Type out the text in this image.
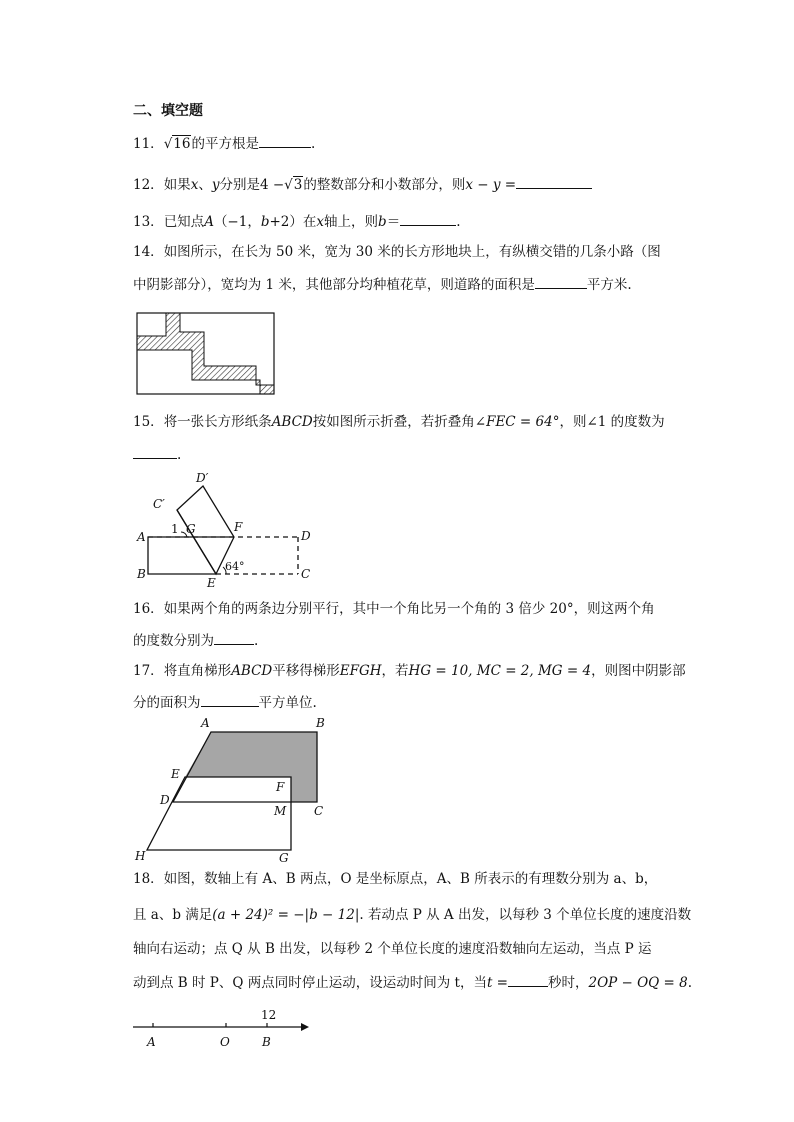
二、填空题
11．√16的平方根是	.
12．如果x、y分别是4 −√3的整数部分和小数部分，则x − y =
13．已知点A（−1，b+2）在x轴上，则b＝	.
14．如图所示，在长为 50 米，宽为 30 米的长方形地块上，有纵横交错的几条小路（图
中阴影部分），宽均为 1 米，其他部分均种植花草，则道路的面积是	平方米.
15．将一张长方形纸条ABCD按如图所示折叠，若折叠角∠FEC = 64°，则∠1 的度数为
.
D′
C′
A
B
1 G	F
D
C
E
64°
16．如果两个角的两条边分别平行，其中一个角比另一个角的 3 倍少 20°，则这两个角
的度数分别为	.
17．将直角梯形ABCD平移得梯形EFGH，若HG = 10, MC = 2, MG = 4，则图中阴影部
分的面积为	平方单位.
A	B
E
F
D
M C
H	G
18．如图，数轴上有 A、B 两点，O 是坐标原点，A、B 所表示的有理数分别为 a、b，
且 a、b 满足(a + 24)² = −|b − 12|. 若动点 P 从 A 出发，以每秒 3 个单位长度的速度沿数
轴向右运动；点 Q 从 B 出发，以每秒 2 个单位长度的速度沿数轴向左运动，当点 P 运
动到点 B 时 P、Q 两点同时停止运动，设运动时间为 t，当t =	秒时，2OP − OQ = 8.
12
A	O	B
